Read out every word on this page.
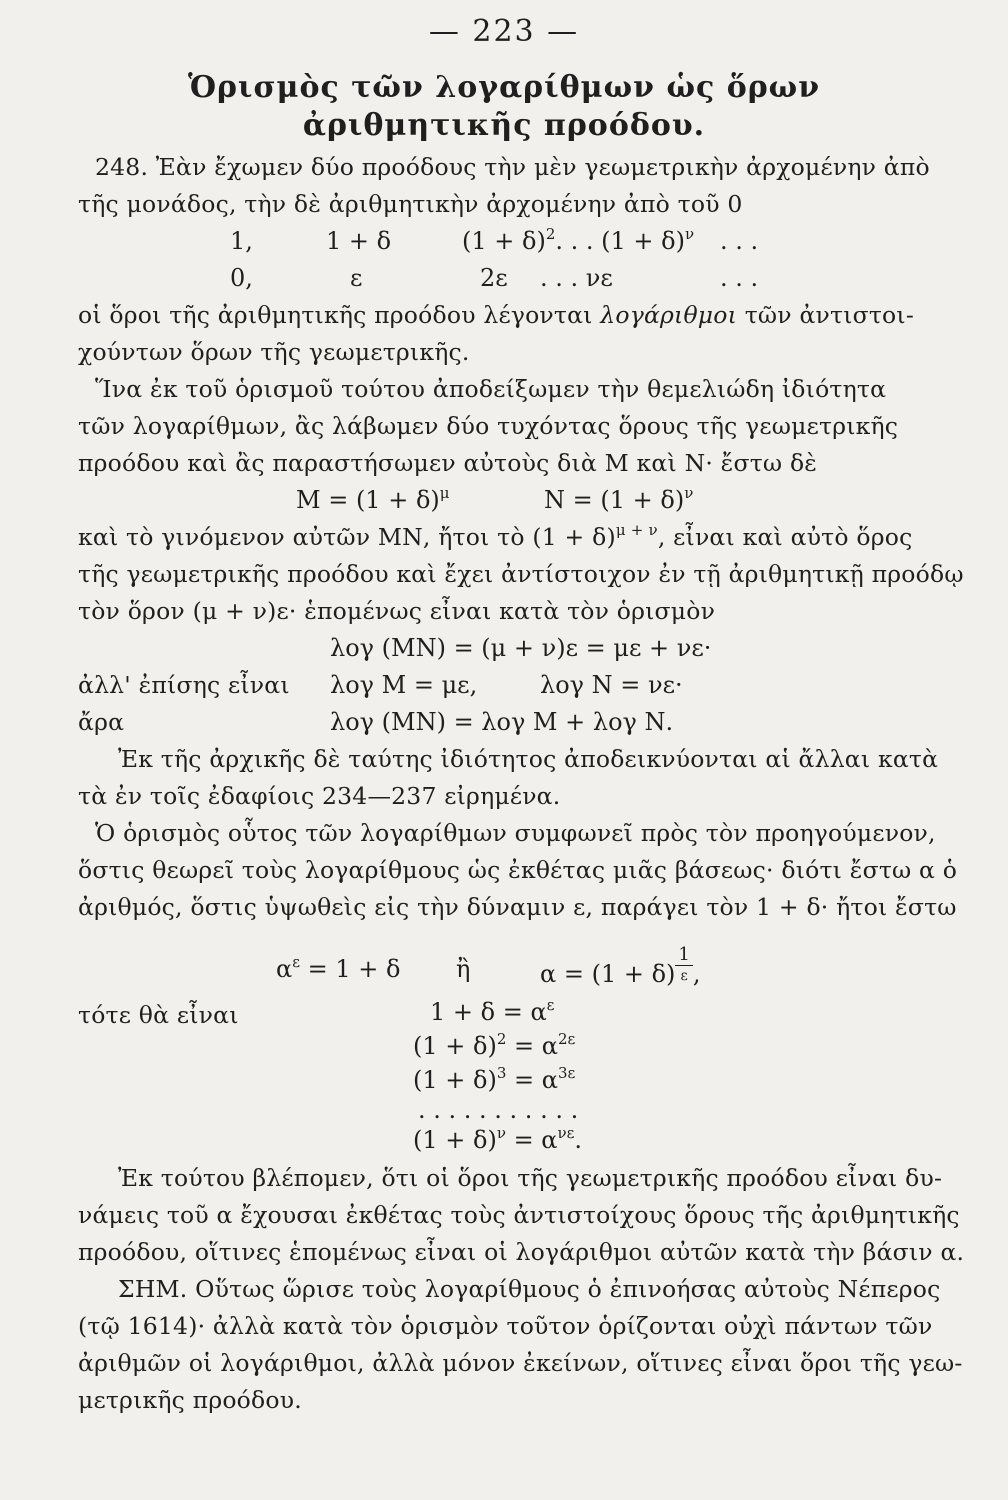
— 223 —
Ὁρισμὸς τῶν λογαρίθμων ὡς ὅρων
ἀριθμητικῆς προόδου.
248. Ἐὰν ἔχωμεν δύο προόδους τὴν μὲν γεωμετρικὴν ἀρχομένην ἀπὸ
τῆς μονάδος, τὴν δὲ ἀριθμητικὴν ἀρχομένην ἀπὸ τοῦ 0
1,	1 + δ	$(1 + \delta)^2$. . . $(1 + \delta)^\nu$ . . .
0,	ε	2ε . . . νε	. . .
οἱ ὅροι τῆς ἀριθμητικῆς προόδου λέγονται λογάριθμοι τῶν ἀντιστοι-
χούντων ὅρων τῆς γεωμετρικῆς.
Ἵνα ἐκ τοῦ ὁρισμοῦ τούτου ἀποδείξωμεν τὴν θεμελιώδη ἰδιότητα
τῶν λογαρίθμων, ἂς λάβωμεν δύο τυχόντας ὅρους τῆς γεωμετρικῆς
προόδου καὶ ἂς παραστήσωμεν αὐτοὺς διὰ Μ καὶ Ν· ἔστω δὲ
$M = (1 + \delta)^\mu$	$N = (1 + \delta)^\nu$
καὶ τὸ γινόμενον αὐτῶν ΜΝ, ἤτοι τὸ $(1 + \delta)^{\mu + \nu}$, εἶναι καὶ αὐτὸ ὅρος
τῆς γεωμετρικῆς προόδου καὶ ἔχει ἀντίστοιχον ἐν τῇ ἀριθμητικῇ προόδῳ
τὸν ὅρον (μ + ν)ε· ἑπομένως εἶναι κατὰ τὸν ὁρισμὸν
λογ (ΜΝ) = (μ + ν)ε = με + νε·
ἀλλ' ἐπίσης εἶναι λογ Μ = με,	λογ Ν = νε·
ἄρα	λογ (ΜΝ) = λογ Μ + λογ Ν.
Ἐκ τῆς ἀρχικῆς δὲ ταύτης ἰδιότητος ἀποδεικνύονται αἱ ἄλλαι κατὰ
τὰ ἐν τοῖς ἐδαφίοις 234—237 εἰρημένα.
Ὁ ὁρισμὸς οὗτος τῶν λογαρίθμων συμφωνεῖ πρὸς τὸν προηγούμενον,
ὅστις θεωρεῖ τοὺς λογαρίθμους ὡς ἐκθέτας μιᾶς βάσεως· διότι ἔστω α ὁ
ἀριθμός, ὅστις ὑψωθεὶς εἰς τὴν δύναμιν ε, παράγει τὸν 1 + δ· ἤτοι ἔστω
$\alpha^\varepsilon = 1 + \delta$ ἢ	$\alpha = (1 + \delta) \frac{1}{\varepsilon}$ ,
τότε θὰ εἶναι	$1 + \delta = \alpha^\varepsilon$
$(1 + \delta)^2 = \alpha^{2\varepsilon}$
$(1 + \delta)^3 = \alpha^{3\varepsilon}$
. . . . . . . . . . .
$(1 + \delta)^\nu = \alpha^{\nu\varepsilon}$.
Ἐκ τούτου βλέπομεν, ὅτι οἱ ὅροι τῆς γεωμετρικῆς προόδου εἶναι δυ-
νάμεις τοῦ α ἔχουσαι ἐκθέτας τοὺς ἀντιστοίχους ὅρους τῆς ἀριθμητικῆς
προόδου, οἵτινες ἑπομένως εἶναι οἱ λογάριθμοι αὐτῶν κατὰ τὴν βάσιν α.
ΣΗΜ. Οὕτως ὥρισε τοὺς λογαρίθμους ὁ ἐπινοήσας αὐτοὺς Νέπερος
(τῷ 1614)· ἀλλὰ κατὰ τὸν ὁρισμὸν τοῦτον ὁρίζονται οὐχὶ πάντων τῶν
ἀριθμῶν οἱ λογάριθμοι, ἀλλὰ μόνον ἐκείνων, οἵτινες εἶναι ὅροι τῆς γεω-
μετρικῆς προόδου.
